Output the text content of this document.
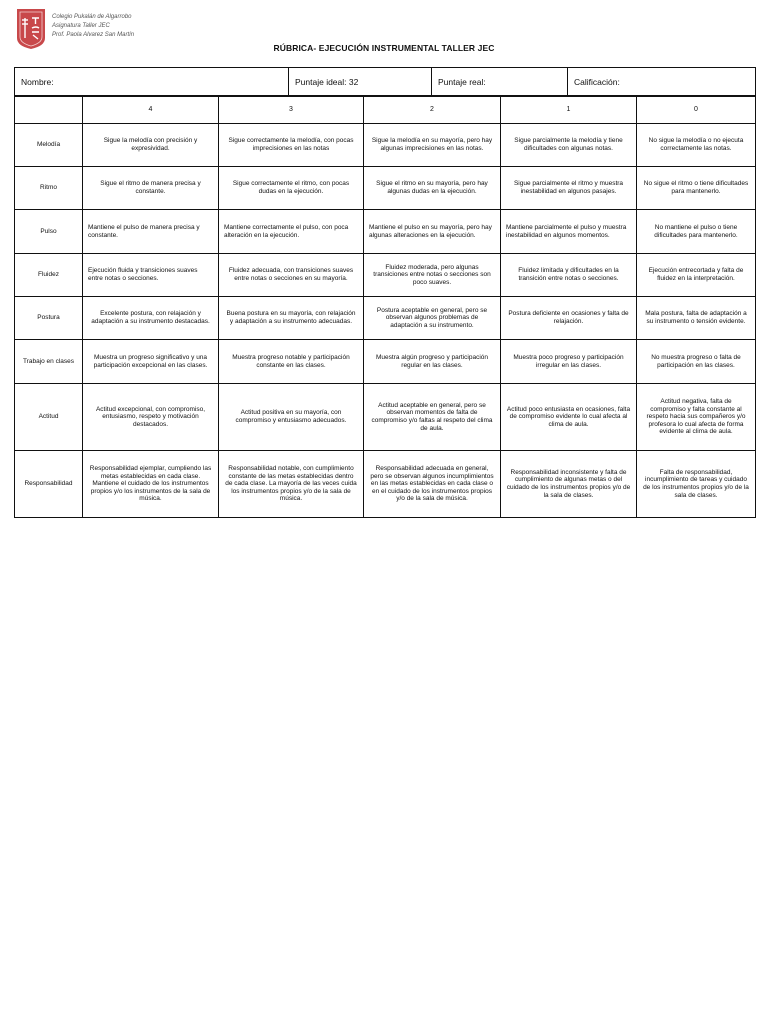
Colegio Pukalán de Algarrobo
Asignatura Taller JEC
Prof. Paola Alvarez San Martín
RÚBRICA- EJECUCIÓN INSTRUMENTAL TALLER JEC
Nombre:	Puntaje ideal: 32	Puntaje real:	Calificación:
	4	3	2	1	0
Melodía	Sigue la melodía con precisión y expresividad.	Sigue correctamente la melodía, con pocas imprecisiones en las notas	Sigue la melodía en su mayoría, pero hay algunas imprecisiones en las notas.	Sigue parcialmente la melodía y tiene dificultades con algunas notas.	No sigue la melodía o no ejecuta correctamente las notas.
Ritmo	Sigue el ritmo de manera precisa y constante.	Sigue correctamente el ritmo, con pocas dudas en la ejecución.	Sigue el ritmo en su mayoría, pero hay algunas dudas en la ejecución.	Sigue parcialmente el ritmo y muestra inestabilidad en algunos pasajes.	No sigue el ritmo o tiene dificultades para mantenerlo.
Pulso	Mantiene el pulso de manera precisa y constante.	Mantiene correctamente el pulso, con poca alteración en la ejecución.	Mantiene el pulso en su mayoría, pero hay algunas alteraciones en la ejecución.	Mantiene parcialmente el pulso y muestra inestabilidad en algunos momentos.	No mantiene el pulso o tiene dificultades para mantenerlo.
Fluidez	Ejecución fluida y transiciones suaves entre notas o secciones.	Fluidez adecuada, con transiciones suaves entre notas o secciones en su mayoría.	Fluidez moderada, pero algunas transiciones entre notas o secciones son poco suaves.	Fluidez limitada y dificultades en la transición entre notas o secciones.	Ejecución entrecortada y falta de fluidez en la interpretación.
Postura	Excelente postura, con relajación y adaptación a su instrumento destacadas.	Buena postura en su mayoría, con relajación y adaptación a su instrumento adecuadas.	Postura aceptable en general, pero se observan algunos problemas de adaptación a su instrumento.	Postura deficiente en ocasiones y falta de relajación.	Mala postura, falta de adaptación a su instrumento o tensión evidente.
Trabajo en clases	Muestra un progreso significativo y una participación excepcional en las clases.	Muestra progreso notable y participación constante en las clases.	Muestra algún progreso y participación regular en las clases.	Muestra poco progreso y participación irregular en las clases.	No muestra progreso o falta de participación en las clases.
Actitud	Actitud excepcional, con compromiso, entusiasmo, respeto y motivación destacados.	Actitud positiva en su mayoría, con compromiso y entusiasmo adecuados.	Actitud aceptable en general, pero se observan momentos de falta de compromiso y/o faltas al respeto del clima de aula.	Actitud poco entusiasta en ocasiones, falta de compromiso evidente lo cual afecta al clima de aula.	Actitud negativa, falta de compromiso y falta constante al respeto hacia sus compañeros y/o profesora lo cual afecta de forma evidente al clima de aula.
Responsabilidad	Responsabilidad ejemplar, cumpliendo las metas establecidas en cada clase. Mantiene el cuidado de los instrumentos propios y/o los instrumentos de la sala de música.	Responsabilidad notable, con cumplimiento constante de las metas establecidas dentro de cada clase. La mayoría de las veces cuida los instrumentos propios y/o de la sala de música.	Responsabilidad adecuada en general, pero se observan algunos incumplimientos en las metas establecidas en cada clase o en el cuidado de los instrumentos propios y/o de la sala de música.	Responsabilidad inconsistente y falta de cumplimiento de algunas metas o del cuidado de los instrumentos propios y/o de la sala de clases.	Falta de responsabilidad, incumplimiento de tareas y cuidado de los instrumentos propios y/o de la sala de clases.
